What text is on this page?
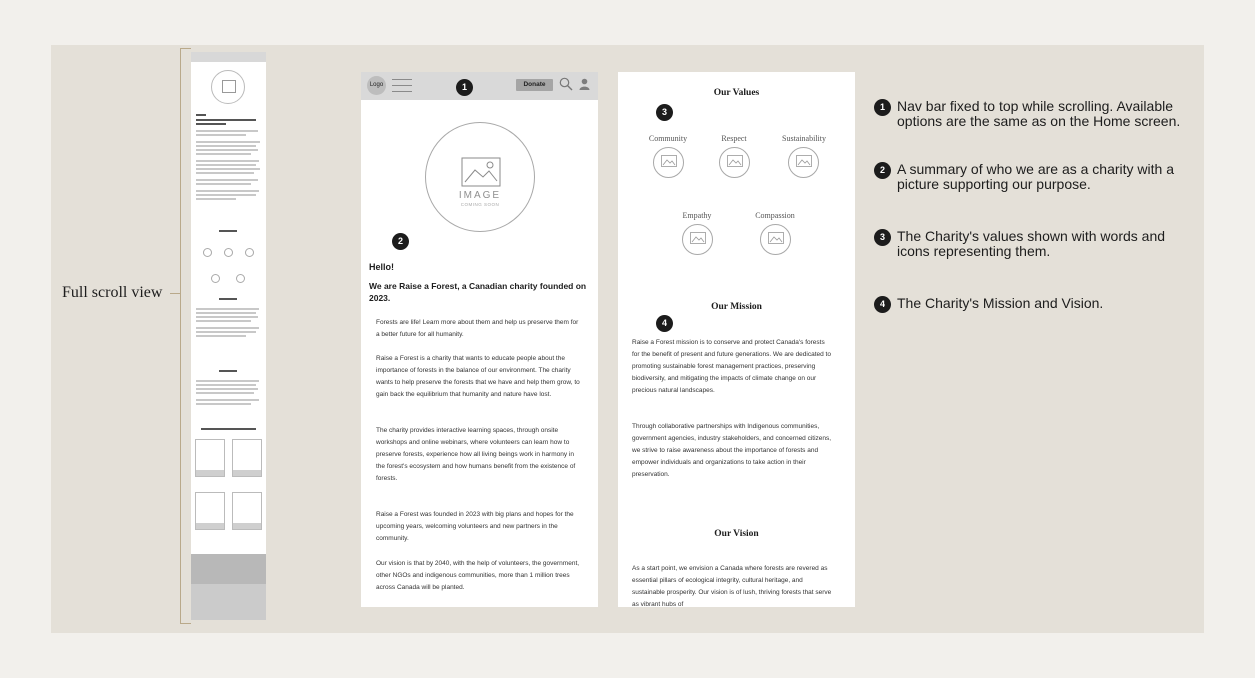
Full scroll view
Logo	Donate
IMAGE
COMING SOON
Hello!
We are Raise a Forest, a Canadian charity founded on 2023.
Forests are life! Learn more about them and help us preserve them for a better future for all humanity.
Raise a Forest is a charity that wants to educate people about the importance of forests in the balance of our environment. The charity wants to help preserve the forests that we have and help them grow, to gain back the equilibrium that humanity and nature have lost.
The charity provides interactive learning spaces, through onsite workshops and online webinars, where volunteers can learn how to preserve forests, experience how all living beings work in harmony in the forest's ecosystem and how humans benefit from the existence of forests.
Raise a Forest was founded in 2023 with big plans and hopes for the upcoming years, welcoming volunteers and new partners in the community.
Our vision is that by 2040, with the help of volunteers, the government, other NGOs and indigenous communities, more than 1 million trees across Canada will be planted.
Our Values
Community	Respect	Sustainability
Empathy	Compassion
Our Mission
Raise a Forest mission is to conserve and protect Canada's forests for the benefit of present and future generations. We are dedicated to promoting sustainable forest management practices, preserving biodiversity, and mitigating the impacts of climate change on our precious natural landscapes.
Through collaborative partnerships with Indigenous communities, government agencies, industry stakeholders, and concerned citizens, we strive to raise awareness about the importance of forests and empower individuals and organizations to take action in their preservation.
Our Vision
As a start point, we envision a Canada where forests are revered as essential pillars of ecological integrity, cultural heritage, and sustainable prosperity. Our vision is of lush, thriving forests that serve as vibrant hubs of
1
2
3
4
1 Nav bar fixed to top while scrolling. Available options are the same as on the Home screen.
2 A summary of who we are as a charity with a picture supporting our purpose.
3 The Charity's values shown with words and icons representing them.
4 The Charity's Mission and Vision.
